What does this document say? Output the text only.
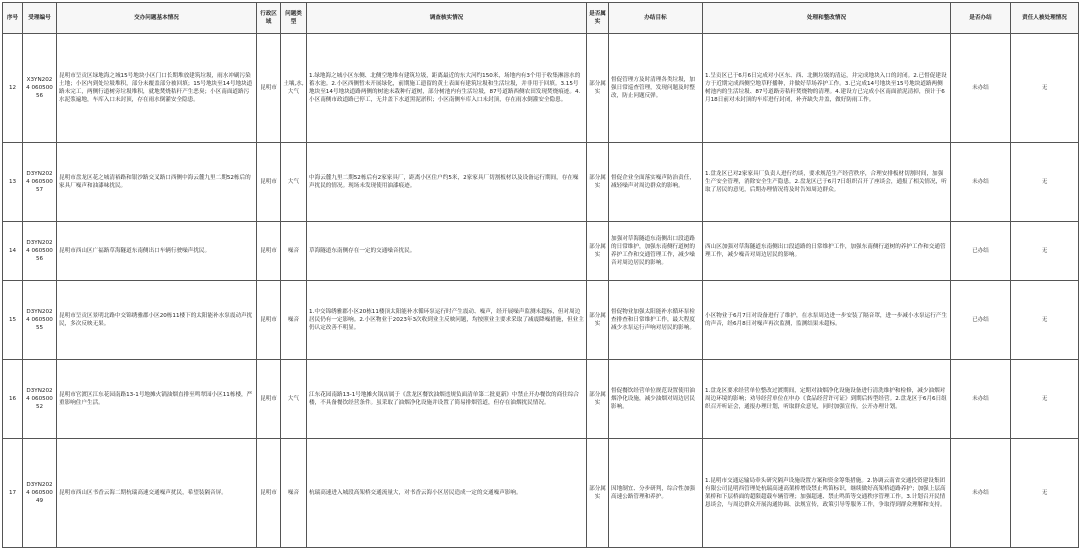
序号	受理编号	交办问题基本情况	行政区域	问题类型	调查核实情况	是否属实	办结目标	处理和整改情况	是否办结	责任人被处理情况
12	X3YN2024 06050056	昆明市呈贡区绿地海之城15号地块小区门口长期堆放建筑垃圾，雨水冲刷污染土地；小区内到处垃圾堆积，部分未覆盖部分被回填；15号地块至14号地块道路未完工，两侧行道树旁垃圾堆积，就地焚烧秸秆产生恶臭；小区南面道路污水泥浆遍地，车库入口未封顶，存在雨水倒灌安全隐患。	昆明市	土壤,水,大气	1.绿地海之城小区东侧、北侧空地堆有建筑垃圾，距离最近的东大河约150米，场地内有3个用于收集淋溶水的蓄水池。2.小区西侧暂未开展绿化，前期施工遗留的黄土表面有建筑垃圾和生活垃圾，并非用于回填。3.15号地块至14号地块道路两侧的树池未栽种行道树，部分树池内有生活垃圾，87号道路西侧农田发现焚烧痕迹。4.小区南侧市政道路已停工，无井盖下水道黑泥淤积；小区南侧车库入口未封顶，存在雨水倒灌安全隐患。	部分属实	督促管理方及时清理各类垃圾，加强日常巡查管理，发现问题及时整改，防止问题反弹。	1.呈贡区已于6月6日完成对小区东、西、北侧垃圾的清运，并完成地块入口的封闭。2.已督促建设方于近期完成西侧空地草籽播种，并做好草场养护工作。3.已完成14号地块至15号地块道路两侧树池内的生活垃圾、87号道路旁秸秆焚烧物的清理。4.建设方已完成小区南面淤泥清掉，预计于6月18日前对未封顶的车库进行封闭，补齐缺失井盖，做好防雨工作。	未办结	无
13	D3YN2024 06050057	昆明市盘龙区花之城清裕路和银沙路交叉路口西侧中海云麓九里二期52栋后的家具厂噪声和油漆味扰民。	昆明市	大气	中海云麓九里二期52栋后有2家家具厂，距离小区住户约5米，2家家具厂切割板材以及设备运行期间，存在噪声扰民的情况。现场未发现使用油漆痕迹。	部分属实	督促企业全面落实噪声防治责任，减轻噪声对周边群众的影响。	1.盘龙区已对2家家具厂负责人进行约谈，要求规范生产经营秩序，合理安排板材切割时间，加强生产安全管理，消除安全生产隐患。2.盘龙区已于6月7日组织召开了座谈会，通报了相关情况，听取了居民的意见，后期办理情况将及时告知周边群众。	未办结	无
14	D3YN2024 06050056	昆明市西山区广福路草海隧道东南侧出口车辆行驶噪声扰民。	昆明市	噪音	草海隧道东南侧存在一定的交通噪音扰民。	部分属实	加强对草海隧道东南侧出口段道路的日常维护，加强东南侧行道树的养护工作和交通管理工作，减少噪音对周边居民的影响。	西山区加强对草海隧道东南侧出口段道路的日常维护工作，加强东南侧行道树的养护工作和交通管理工作，减少噪音对周边居民的影响。	已办结	无
15	D3YN2024 06050055	昆明市呈贡区景明北路中交锦绣雅郡小区20栋11楼下的太阳能补水泵震动声扰民，多次反映无果。	昆明市	噪音	1.中交锦绣雅郡小区20栋11楼顶太阳能补水循环泵运行时产生震动、噪声，经开展噪声监测未超标，但对周边居民仍有一定影响。2.小区物业于2023年3次收到业主反映问题，均按照业主要求采取了减震降噪措施，但业主仍认定改善不明显。	部分属实	督促物业加强太阳能补水循环泵检查排查和日常维护工作，最大程度减少水泵运行声响对居民的影响。	小区物业于6月7日对设备进行了维护，在水泵周边进一步安装了隔音罩，进一步减小水泵运行产生的声音，经6月8日对噪声再次监测，监测结果未超标。	已办结	无
16	D3YN2024 06050052	昆明市官渡区江东花园南路13-1号地摊火锅油烟直排至鸣翠园小区11栋楼，严重影响住户生活。	昆明市	大气	江东花园南路13-1号地摊火锅店属于《盘龙区餐饮油烟违规负面清单第二批更新》中禁止开办餐饮的商住综合楼，不具备餐饮经营条件。虽采取了油烟净化设施并设置了简易排烟管道，但存在油烟扰民情况。	部分属实	督促餐饮经营单位规范设置使用油烟净化设施，减少油烟对周边居民影响。	1.盘龙区要求经营单位整改过渡期间，定期对油烟净化设施设备进行清洗维护和检修，减少油烟对周边环境的影响；劝导经营单位在申办《食品经营许可证》到期后转型经营。2.盘龙区于6月6日组织召开听证会，通报办理计划，听取群众意见，同时加强宣传，公开办理计划。	未办结	无
17	D3YN2024 06050049	昆明市西山区书香云海二期杭瑞高速交通噪声扰民，希望装隔音屏。	昆明市	噪音	杭瑞高速进入城段高架桥交通流量大，对书香云海小区居民造成一定的交通噪声影响。	部分属实	因地制宜、分步研判，综合性加强高速公路管理和养护。	1.昆明市交通运输局牵头研究隔声设施设置方案和资金筹集措施。2.协调云南省交通投资建设集团有限公司昆明西管理处杭瑞高速高架桥增设禁止鸣笛标识，继续做好高架桥道路养护；加强上层高架桥和下层桥面的超限超载车辆管理；加强超速、禁止鸣笛等交通秩序管理工作。3.计划召开民情恳谈会，与周边群众开展沟通协调、法规宣传，政策引导等服务工作，争取得到群众理解和支持。	未办结	无
